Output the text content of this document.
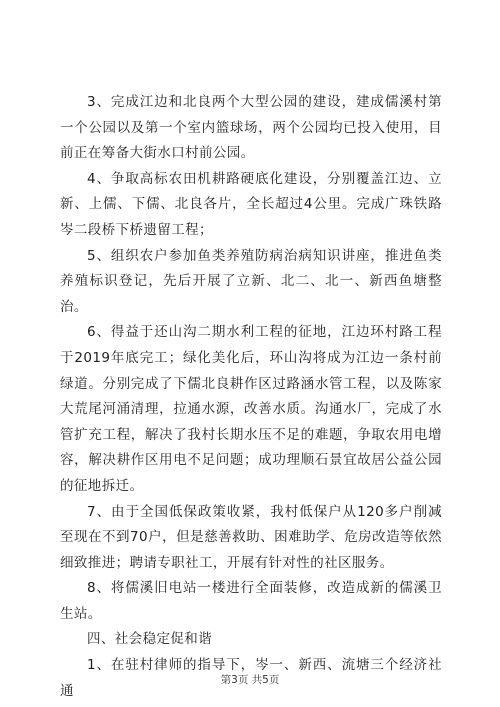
3、完成江边和北良两个大型公园的建设，建成儒溪村第一个公园以及第一个室内篮球场，两个公园均已投入使用，目前正在筹备大街水口村前公园。

4、争取高标农田机耕路硬底化建设，分别覆盖江边、立新、上儒、下儒、北良各片，全长超过4公里。完成广珠铁路岑二段桥下桥遗留工程；

5、组织农户参加鱼类养殖防病治病知识讲座，推进鱼类养殖标识登记，先后开展了立新、北二、北一、新西鱼塘整治。

6、得益于还山沟二期水利工程的征地，江边环村路工程于2019年底完工；绿化美化后，环山沟将成为江边一条村前绿道。分别完成了下儒北良耕作区过路涵水管工程，以及陈家大荒尾河涌清理，拉通水源，改善水质。沟通水厂，完成了水管扩充工程，解决了我村长期水压不足的难题，争取农用电增容，解决耕作区用电不足问题；成功理顺石景宜故居公益公园的征地拆迁。

7、由于全国低保政策收紧，我村低保户从120多户削减至现在不到70户，但是慈善救助、困难助学、危房改造等依然细致推进；聘请专职社工，开展有针对性的社区服务。

8、将儒溪旧电站一楼进行全面装修，改造成新的儒溪卫生站。

四、社会稳定促和谐

1、在驻村律师的指导下，岑一、新西、流塘三个经济社通

第3页 共5页
